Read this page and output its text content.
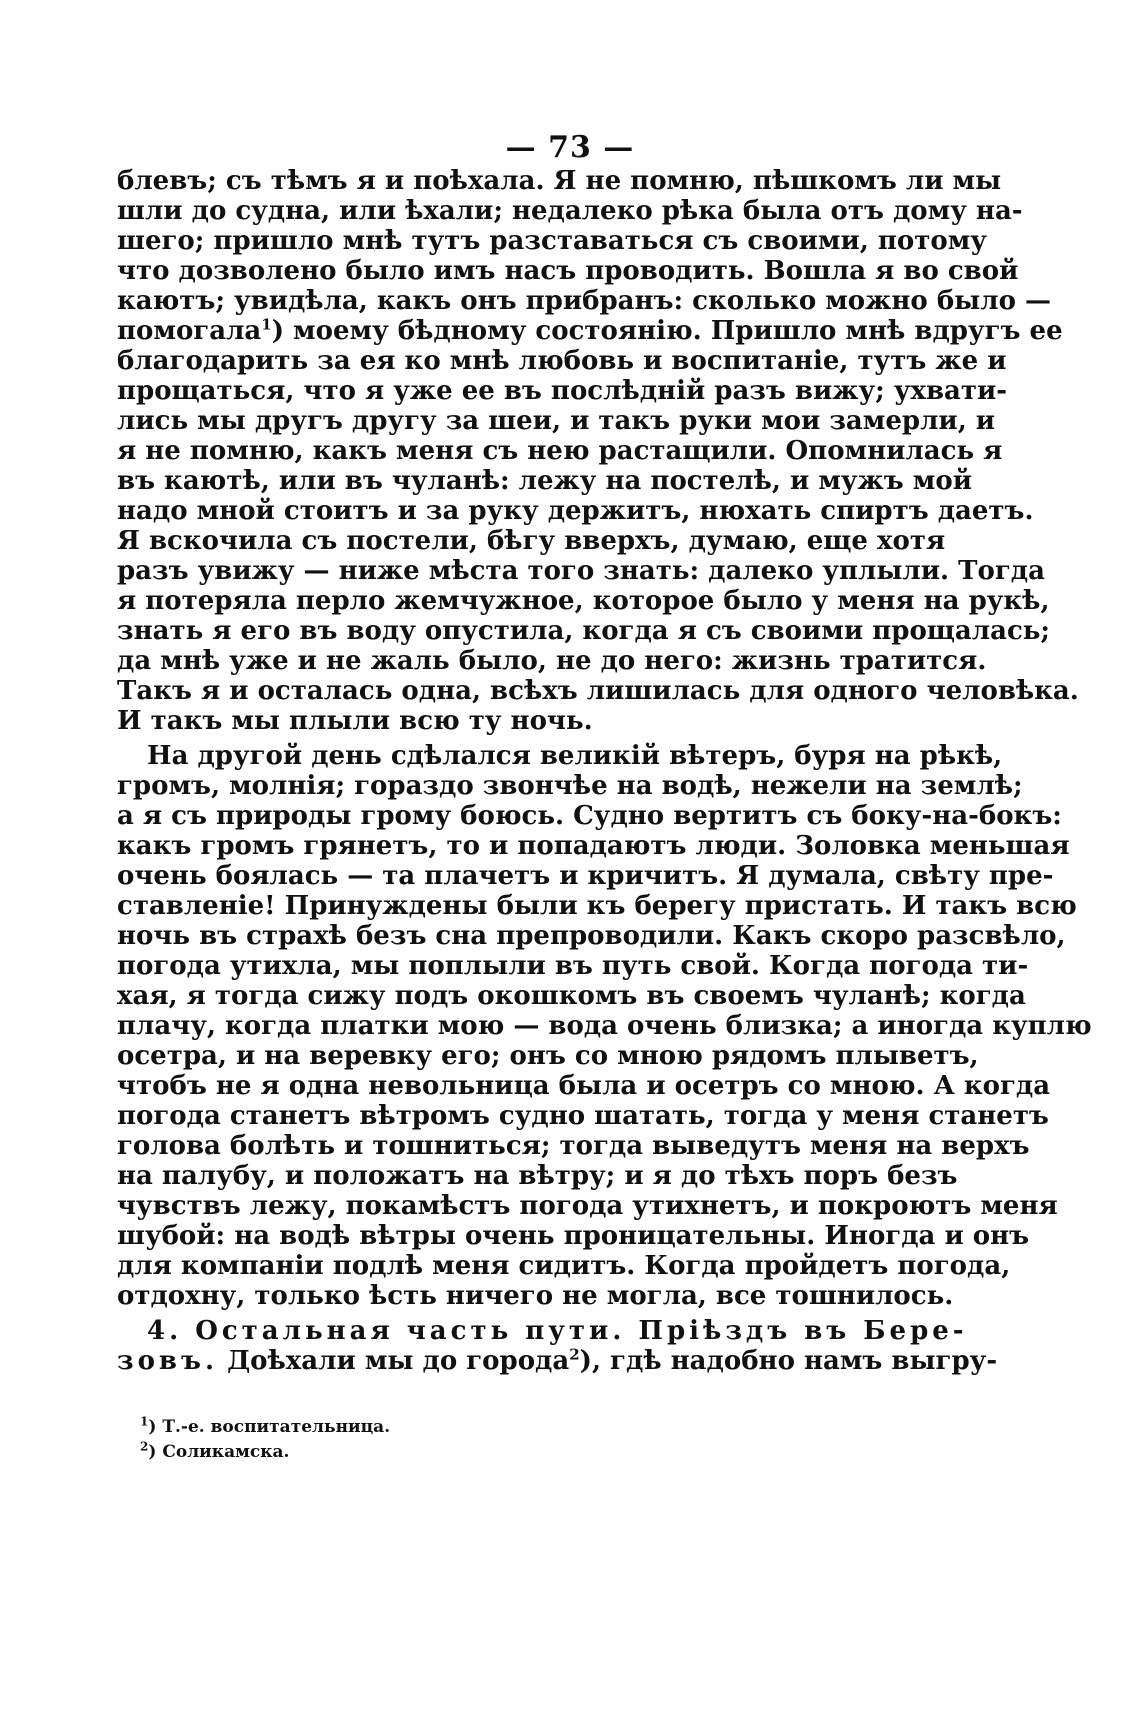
— 73 —
блевъ; съ тѣмъ я и поѣхала. Я не помню, пѣшкомъ ли мы
шли до судна, или ѣхали; недалеко рѣка была отъ дому на-
шего; пришло мнѣ тутъ разставаться съ своими, потому
что дозволено было имъ насъ проводить. Вошла я во свой
каютъ; увидѣла, какъ онъ прибранъ: сколько можно было —
помогала$^1$) моему бѣдному состоянію. Пришло мнѣ вдругъ ее
благодарить за ея ко мнѣ любовь и воспитаніе, тутъ же и
прощаться, что я уже ее въ послѣдній разъ вижу; ухвати-
лись мы другъ другу за шеи, и такъ руки мои замерли, и
я не помню, какъ меня съ нею растащили. Опомнилась я
въ каютѣ, или въ чуланѣ: лежу на постелѣ, и мужъ мой
надо мной стоитъ и за руку держитъ, нюхать спиртъ даетъ.
Я вскочила съ постели, бѣгу вверхъ, думаю, еще хотя
разъ увижу — ниже мѣста того знать: далеко уплыли. Тогда
я потеряла перло жемчужное, которое было у меня на рукѣ,
знать я его въ воду опустила, когда я съ своими прощалась;
да мнѣ уже и не жаль было, не до него: жизнь тратится.
Такъ я и осталась одна, всѣхъ лишилась для одного человѣка.
И такъ мы плыли всю ту ночь.
На другой день сдѣлался великій вѣтеръ, буря на рѣкѣ,
громъ, молнія; гораздо звончѣе на водѣ, нежели на землѣ;
а я съ природы грому боюсь. Судно вертитъ съ боку-на-бокъ:
какъ громъ грянетъ, то и попадаютъ люди. Золовка меньшая
очень боялась — та плачетъ и кричитъ. Я думала, свѣту пре-
ставленіе! Принуждены были къ берегу пристать. И такъ всю
ночь въ страхѣ безъ сна препроводили. Какъ скоро разсвѣло,
погода утихла, мы поплыли въ путь свой. Когда погода ти-
хая, я тогда сижу подъ окошкомъ въ своемъ чуланѣ; когда
плачу, когда платки мою — вода очень близка; а иногда куплю
осетра, и на веревку его; онъ со мною рядомъ плыветъ,
чтобъ не я одна невольница была и осетръ со мною. А когда
погода станетъ вѣтромъ судно шатать, тогда у меня станетъ
голова болѣть и тошниться; тогда выведутъ меня на верхъ
на палубу, и положатъ на вѣтру; и я до тѣхъ поръ безъ
чувствъ лежу, покамѣстъ погода утихнетъ, и покроютъ меня
шубой: на водѣ вѣтры очень проницательны. Иногда и онъ
для компаніи подлѣ меня сидитъ. Когда пройдетъ погода,
отдохну, только ѣсть ничего не могла, все тошнилось.
4. Остальная часть пути. Пріѣздъ въ Бере-
зовъ. Доѣхали мы до города$^2$), гдѣ надобно намъ выгру-
$^1$) Т.-е. воспитательница.
$^2$) Соликамска.
